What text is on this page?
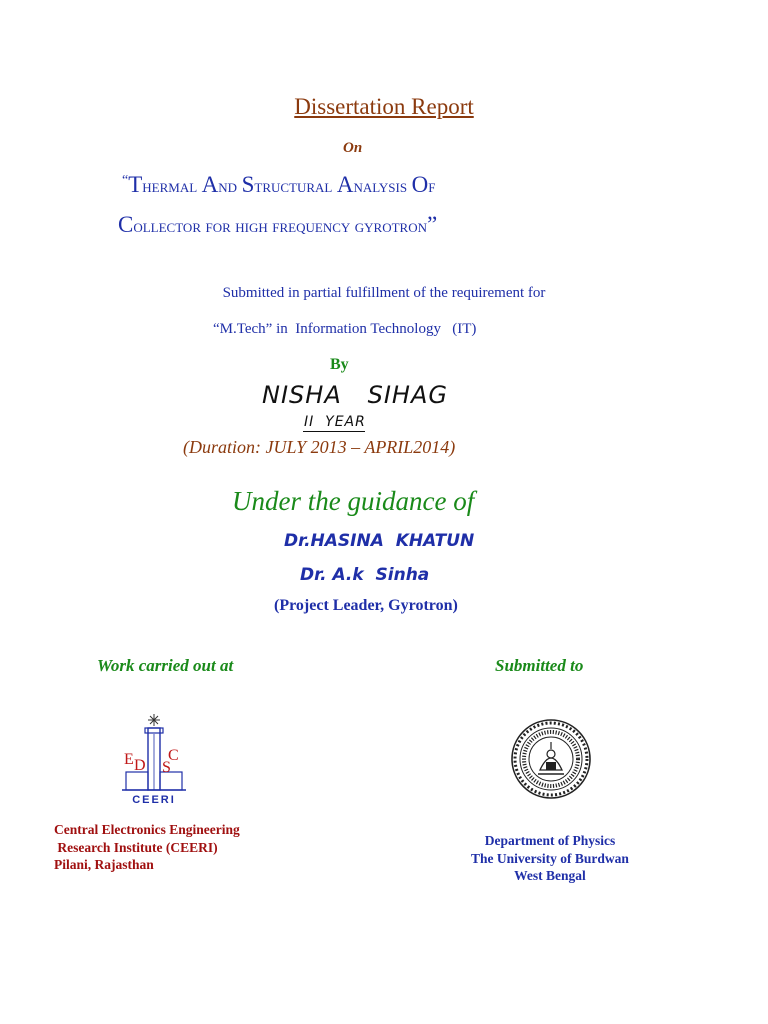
Dissertation Report
On
“Thermal And Structural Analysis Of
Collector for high frequency gyrotron”
Submitted in partial fulfillment of the requirement for
“M.Tech” in  Information Technology   (IT)
By
NISHA   SIHAG
II  YEAR
(Duration: JULY 2013 – APRIL2014)
Under the guidance of
Dr.HASINA  KHATUN
Dr. A.k  Sinha
(Project Leader, Gyrotron)
Work carried out at	Submitted to
E D
C
S
CEERI
Central Electronics Engineering
Research Institute (CEERI)
Pilani, Rajasthan
Department of Physics
The University of Burdwan
West Bengal
